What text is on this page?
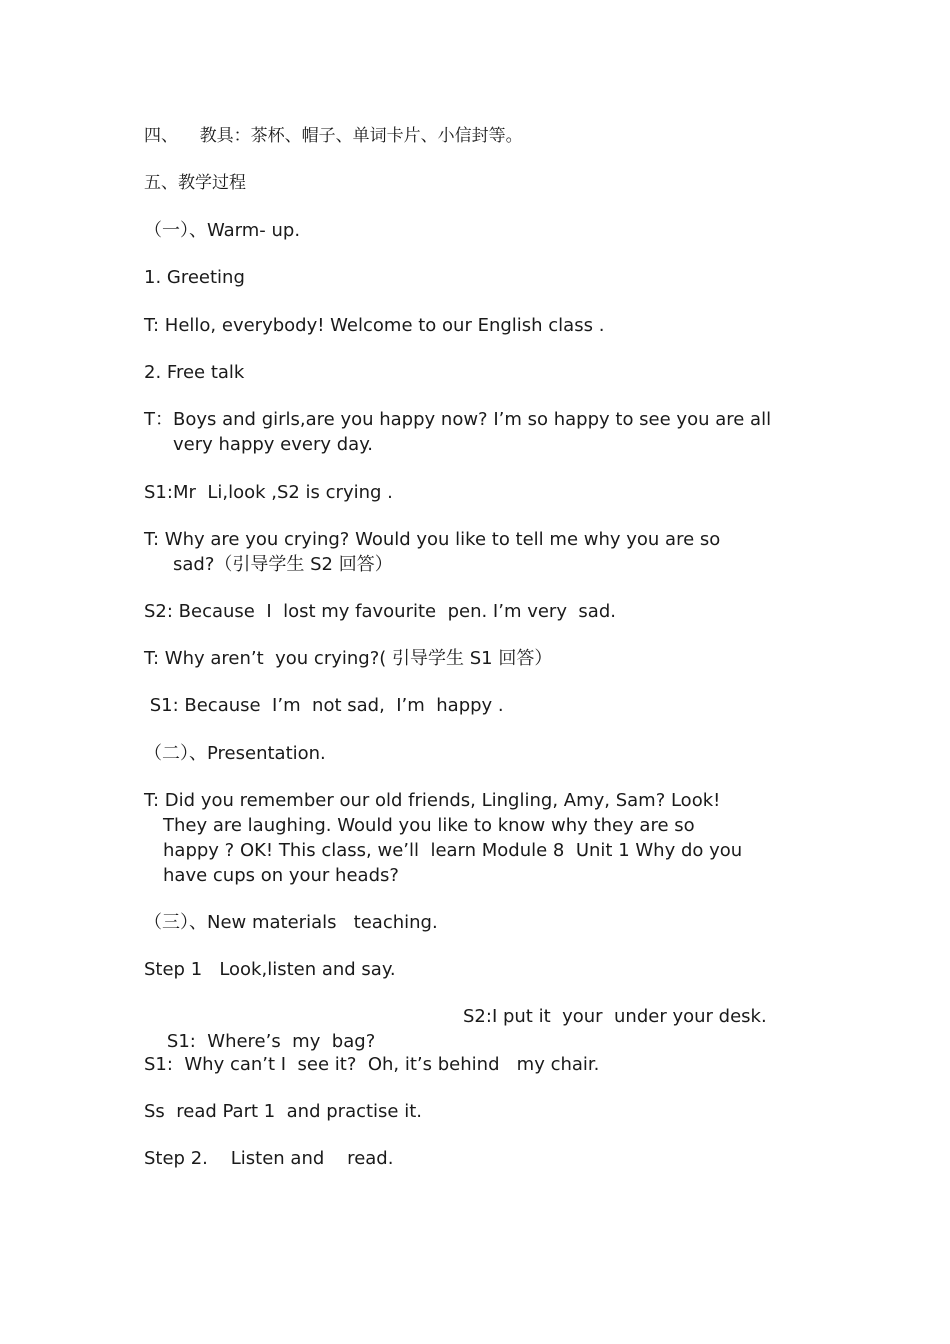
四、    教具：茶杯、帽子、单词卡片、小信封等。
五、教学过程
（一）、Warm- up.
1. Greeting
T: Hello, everybody! Welcome to our English class .
2. Free talk
T：Boys and girls,are you happy now? I’m so happy to see you are all
very happy every day.
S1:Mr  Li,look ,S2 is crying .
T: Why are you crying? Would you like to tell me why you are so
sad?（引导学生 S2 回答）
S2: Because  I  lost my favourite  pen. I’m very  sad.
T: Why aren’t  you crying?( 引导学生 S1 回答）
S1: Because  I’m  not sad,  I’m  happy .
（二）、Presentation.
T: Did you remember our old friends, Lingling, Amy, Sam? Look!
They are laughing. Would you like to know why they are so
happy ? OK! This class, we’ll  learn Module 8  Unit 1 Why do you
have cups on your heads?
（三）、New materials   teaching.
Step 1   Look,listen and say.

S1:  Where’s  my  bag?

S2:I put it  your  under your desk.
S1:  Why can’t I  see it?  Oh, it’s behind   my chair.
Ss  read Part 1  and practise it.
Step 2.    Listen and    read.
